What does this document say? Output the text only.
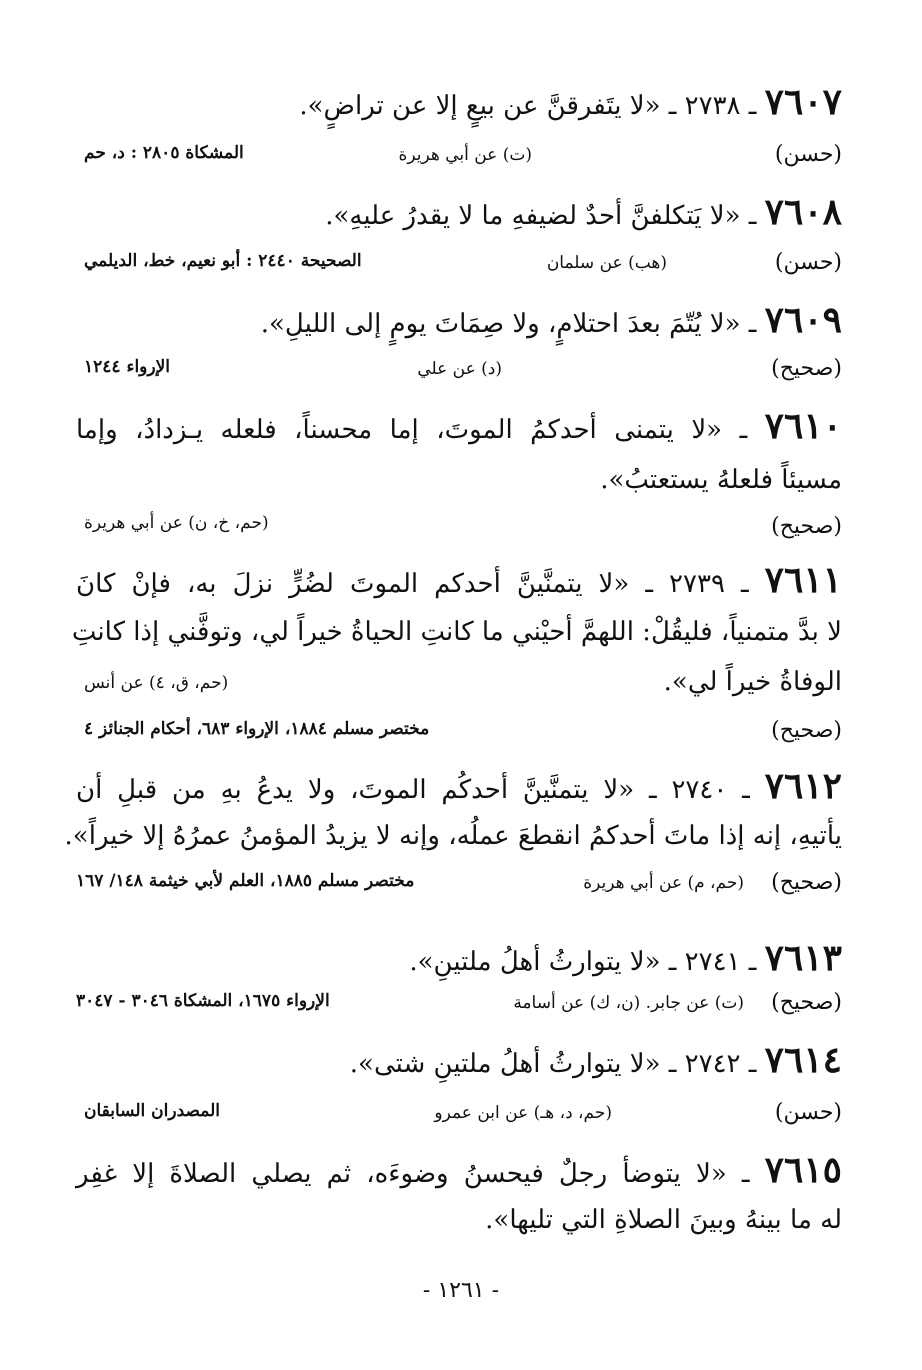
٧٦٠٧ ـ ٢٧٣٨ ـ «لا يتَفرقنَّ عن بيعٍ إلا عن تراضٍ».
(حسن)
(ت) عن أبي هريرة
المشكاة ٢٨٠٥ : د، حم
٧٦٠٨ ـ «لا يَتكلفنَّ أحدٌ لضيفهِ ما لا يقدرُ عليهِ».
(حسن)
(هب) عن سلمان
الصحيحة ٢٤٤٠ : أبو نعيم، خط، الديلمي
٧٦٠٩ ـ «لا يُتّمَ بعدَ احتلامٍ، ولا صِمَاتَ يومٍ إلى الليلِ».
(صحيح)
(د) عن علي
الإرواء ١٢٤٤
٧٦١٠ ـ «لا يتمنى أحدكمُ الموتَ، إما محسناً، فلعله يـزدادُ، وإما
مسيئاً فلعلهُ يستعتبُ».
(صحيح)
(حم، خ، ن) عن أبي هريرة
٧٦١١ ـ ٢٧٣٩ ـ «لا يتمنَّينَّ أحدكم الموتَ لضُرٍّ نزلَ به، فإنْ كانَ
لا بدَّ متمنياً، فليقُلْ: اللهمَّ أحيْني ما كانتِ الحياةُ خيراً لي، وتوفَّني إذا كانتِ
الوفاةُ خيراً لي».
(حم، ق، ٤) عن أنس
(صحيح)
مختصر مسلم ١٨٨٤، الإرواء ٦٨٣، أحكام الجنائز ٤
٧٦١٢ ـ ٢٧٤٠ ـ «لا يتمنَّينَّ أحدكُم الموتَ، ولا يدعُ بهِ من قبلِ أن
يأتيهِ، إنه إذا ماتَ أحدكمُ انقطعَ عملُه، وإنه لا يزيدُ المؤمنُ عمرُهُ إلا خيراً».
(صحيح)
(حم، م) عن أبي هريرة
مختصر مسلم ١٨٨٥، العلم لأبي خيثمة ١٤٨/ ١٦٧
٧٦١٣ ـ ٢٧٤١ ـ «لا يتوارثُ أهلُ ملتينِ».
(صحيح)
(ت) عن جابر. (ن، ك) عن أسامة
الإرواء ١٦٧٥، المشكاة ٣٠٤٦ - ٣٠٤٧
٧٦١٤ ـ ٢٧٤٢ ـ «لا يتوارثُ أهلُ ملتينِ شتى».
(حسن)
(حم، د، هـ) عن ابن عمرو
المصدران السابقان
٧٦١٥ ـ «لا يتوضأ رجلٌ فيحسنُ وضوءَه، ثم يصلي الصلاةَ إلا غفِر
له ما بينهُ وبينَ الصلاةِ التي تليها».
- ١٢٦١ -
